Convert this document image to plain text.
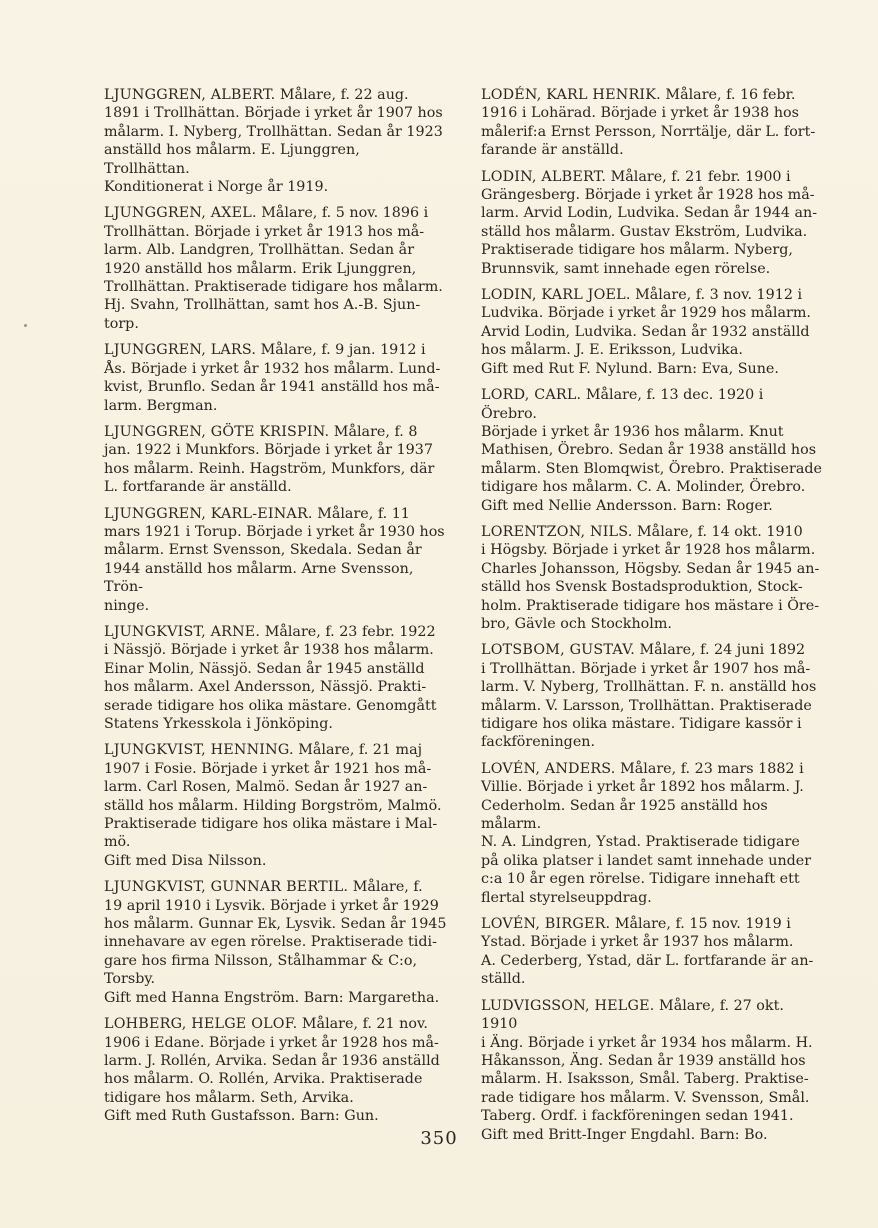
LJUNGGREN, ALBERT. Målare, f. 22 aug.
1891 i Trollhättan. Började i yrket år 1907 hos
målarm. I. Nyberg, Trollhättan. Sedan år 1923
anställd hos målarm. E. Ljunggren, Trollhättan.
Konditionerat i Norge år 1919.
LJUNGGREN, AXEL. Målare, f. 5 nov. 1896 i
Trollhättan. Började i yrket år 1913 hos må-
larm. Alb. Landgren, Trollhättan. Sedan år
1920 anställd hos målarm. Erik Ljunggren,
Trollhättan. Praktiserade tidigare hos målarm.
Hj. Svahn, Trollhättan, samt hos A.-B. Sjun-
torp.
LJUNGGREN, LARS. Målare, f. 9 jan. 1912 i
Ås. Började i yrket år 1932 hos målarm. Lund-
kvist, Brunflo. Sedan år 1941 anställd hos må-
larm. Bergman.
LJUNGGREN, GÖTE KRISPIN. Målare, f. 8
jan. 1922 i Munkfors. Började i yrket år 1937
hos målarm. Reinh. Hagström, Munkfors, där
L. fortfarande är anställd.
LJUNGGREN, KARL-EINAR. Målare, f. 11
mars 1921 i Torup. Började i yrket år 1930 hos
målarm. Ernst Svensson, Skedala. Sedan år
1944 anställd hos målarm. Arne Svensson, Trön-
ninge.
LJUNGKVIST, ARNE. Målare, f. 23 febr. 1922
i Nässjö. Började i yrket år 1938 hos målarm.
Einar Molin, Nässjö. Sedan år 1945 anställd
hos målarm. Axel Andersson, Nässjö. Prakti-
serade tidigare hos olika mästare. Genomgått
Statens Yrkesskola i Jönköping.
LJUNGKVIST, HENNING. Målare, f. 21 maj
1907 i Fosie. Började i yrket år 1921 hos må-
larm. Carl Rosen, Malmö. Sedan år 1927 an-
ställd hos målarm. Hilding Borgström, Malmö.
Praktiserade tidigare hos olika mästare i Mal-
mö.
Gift med Disa Nilsson.
LJUNGKVIST, GUNNAR BERTIL. Målare, f.
19 april 1910 i Lysvik. Började i yrket år 1929
hos målarm. Gunnar Ek, Lysvik. Sedan år 1945
innehavare av egen rörelse. Praktiserade tidi-
gare hos firma Nilsson, Stålhammar & C:o,
Torsby.
Gift med Hanna Engström. Barn: Margaretha.
LOHBERG, HELGE OLOF. Målare, f. 21 nov.
1906 i Edane. Började i yrket år 1928 hos må-
larm. J. Rollén, Arvika. Sedan år 1936 anställd
hos målarm. O. Rollén, Arvika. Praktiserade
tidigare hos målarm. Seth, Arvika.
Gift med Ruth Gustafsson. Barn: Gun.
LODÉN, KARL HENRIK. Målare, f. 16 febr.
1916 i Lohärad. Började i yrket år 1938 hos
målerif:a Ernst Persson, Norrtälje, där L. fort-
farande är anställd.
LODIN, ALBERT. Målare, f. 21 febr. 1900 i
Grängesberg. Började i yrket år 1928 hos må-
larm. Arvid Lodin, Ludvika. Sedan år 1944 an-
ställd hos målarm. Gustav Ekström, Ludvika.
Praktiserade tidigare hos målarm. Nyberg,
Brunnsvik, samt innehade egen rörelse.
LODIN, KARL JOEL. Målare, f. 3 nov. 1912 i
Ludvika. Började i yrket år 1929 hos målarm.
Arvid Lodin, Ludvika. Sedan år 1932 anställd
hos målarm. J. E. Eriksson, Ludvika.
Gift med Rut F. Nylund. Barn: Eva, Sune.
LORD, CARL. Målare, f. 13 dec. 1920 i Örebro.
Började i yrket år 1936 hos målarm. Knut
Mathisen, Örebro. Sedan år 1938 anställd hos
målarm. Sten Blomqwist, Örebro. Praktiserade
tidigare hos målarm. C. A. Molinder, Örebro.
Gift med Nellie Andersson. Barn: Roger.
LORENTZON, NILS. Målare, f. 14 okt. 1910
i Högsby. Började i yrket år 1928 hos målarm.
Charles Johansson, Högsby. Sedan år 1945 an-
ställd hos Svensk Bostadsproduktion, Stock-
holm. Praktiserade tidigare hos mästare i Öre-
bro, Gävle och Stockholm.
LOTSBOM, GUSTAV. Målare, f. 24 juni 1892
i Trollhättan. Började i yrket år 1907 hos må-
larm. V. Nyberg, Trollhättan. F. n. anställd hos
målarm. V. Larsson, Trollhättan. Praktiserade
tidigare hos olika mästare. Tidigare kassör i
fackföreningen.
LOVÉN, ANDERS. Målare, f. 23 mars 1882 i
Villie. Började i yrket år 1892 hos målarm. J.
Cederholm. Sedan år 1925 anställd hos målarm.
N. A. Lindgren, Ystad. Praktiserade tidigare
på olika platser i landet samt innehade under
c:a 10 år egen rörelse. Tidigare innehaft ett
flertal styrelseuppdrag.
LOVÉN, BIRGER. Målare, f. 15 nov. 1919 i
Ystad. Började i yrket år 1937 hos målarm.
A. Cederberg, Ystad, där L. fortfarande är an-
ställd.
LUDVIGSSON, HELGE. Målare, f. 27 okt. 1910
i Äng. Började i yrket år 1934 hos målarm. H.
Håkansson, Äng. Sedan år 1939 anställd hos
målarm. H. Isaksson, Smål. Taberg. Praktise-
rade tidigare hos målarm. V. Svensson, Smål.
Taberg. Ordf. i fackföreningen sedan 1941.
Gift med Britt-Inger Engdahl. Barn: Bo.
350
